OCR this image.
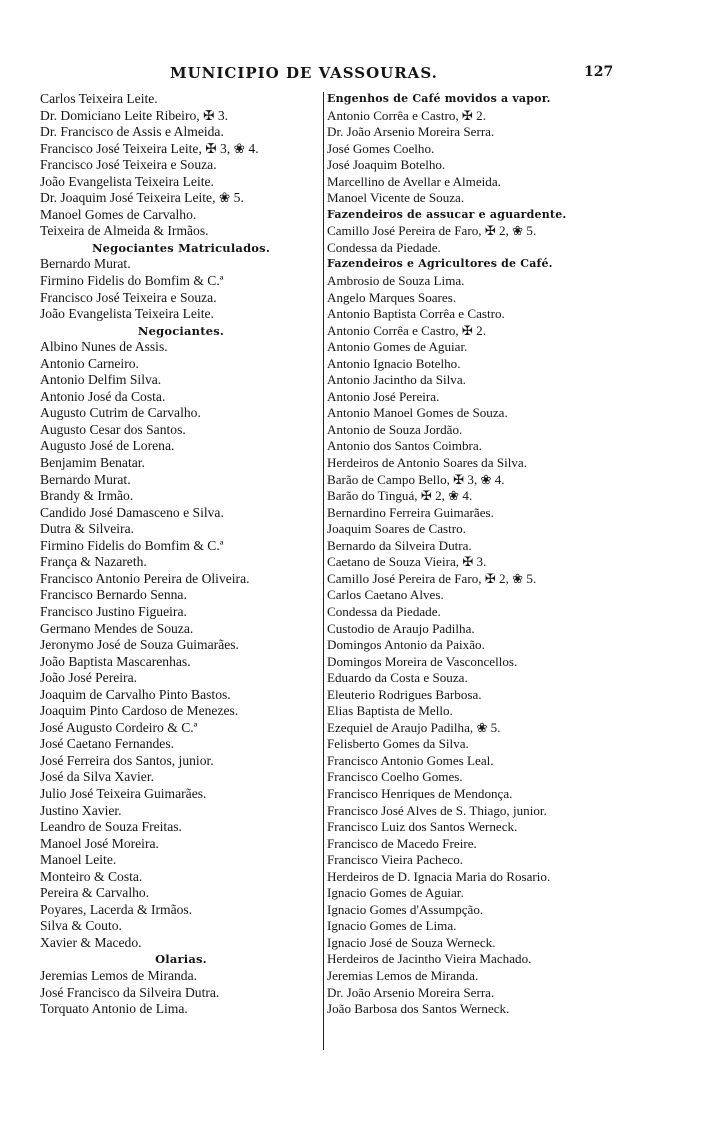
MUNICIPIO DE VASSOURAS.	127
Carlos Teixeira Leite.
Dr. Domiciano Leite Ribeiro, ✠ 3.
Dr. Francisco de Assis e Almeida.
Francisco José Teixeira Leite, ✠ 3, ❀ 4.
Francisco José Teixeira e Souza.
João Evangelista Teixeira Leite.
Dr. Joaquim José Teixeira Leite, ❀ 5.
Manoel Gomes de Carvalho.
Teixeira de Almeida & Irmãos.
Negociantes Matriculados.
Bernardo Murat.
Firmino Fidelis do Bomfim & C.ª
Francisco José Teixeira e Souza.
João Evangelista Teixeira Leite.
Negociantes.
Albino Nunes de Assis.
Antonio Carneiro.
Antonio Delfim Silva.
Antonio José da Costa.
Augusto Cutrim de Carvalho.
Augusto Cesar dos Santos.
Augusto José de Lorena.
Benjamim Benatar.
Bernardo Murat.
Brandy & Irmão.
Candido José Damasceno e Silva.
Dutra & Silveira.
Firmino Fidelis do Bomfim & C.ª
França & Nazareth.
Francisco Antonio Pereira de Oliveira.
Francisco Bernardo Senna.
Francisco Justino Figueira.
Germano Mendes de Souza.
Jeronymo José de Souza Guimarães.
João Baptista Mascarenhas.
João José Pereira.
Joaquim de Carvalho Pinto Bastos.
Joaquim Pinto Cardoso de Menezes.
José Augusto Cordeiro & C.ª
José Caetano Fernandes.
José Ferreira dos Santos, junior.
José da Silva Xavier.
Julio José Teixeira Guimarães.
Justino Xavier.
Leandro de Souza Freitas.
Manoel José Moreira.
Manoel Leite.
Monteiro & Costa.
Pereira & Carvalho.
Poyares, Lacerda & Irmãos.
Silva & Couto.
Xavier & Macedo.
Olarias.
Jeremias Lemos de Miranda.
José Francisco da Silveira Dutra.
Torquato Antonio de Lima.
Engenhos de Café movidos a vapor.
Antonio Corrêa e Castro, ✠ 2.
Dr. João Arsenio Moreira Serra.
José Gomes Coelho.
José Joaquim Botelho.
Marcellino de Avellar e Almeida.
Manoel Vicente de Souza.
Fazendeiros de assucar e aguardente.
Camillo José Pereira de Faro, ✠ 2, ❀ 5.
Condessa da Piedade.
Fazendeiros e Agricultores de Café.
Ambrosio de Souza Lima.
Angelo Marques Soares.
Antonio Baptista Corrêa e Castro.
Antonio Corrêa e Castro, ✠ 2.
Antonio Gomes de Aguiar.
Antonio Ignacio Botelho.
Antonio Jacintho da Silva.
Antonio José Pereira.
Antonio Manoel Gomes de Souza.
Antonio de Souza Jordão.
Antonio dos Santos Coimbra.
Herdeiros de Antonio Soares da Silva.
Barão de Campo Bello, ✠ 3, ❀ 4.
Barão do Tinguá, ✠ 2, ❀ 4.
Bernardino Ferreira Guimarães.
Joaquim Soares de Castro.
Bernardo da Silveira Dutra.
Caetano de Souza Vieira, ✠ 3.
Camillo José Pereira de Faro, ✠ 2, ❀ 5.
Carlos Caetano Alves.
Condessa da Piedade.
Custodio de Araujo Padilha.
Domingos Antonio da Paixão.
Domingos Moreira de Vasconcellos.
Eduardo da Costa e Souza.
Eleuterio Rodrigues Barbosa.
Elias Baptista de Mello.
Ezequiel de Araujo Padilha, ❀ 5.
Felisberto Gomes da Silva.
Francisco Antonio Gomes Leal.
Francisco Coelho Gomes.
Francisco Henriques de Mendonça.
Francisco José Alves de S. Thiago, junior.
Francisco Luiz dos Santos Werneck.
Francisco de Macedo Freire.
Francisco Vieira Pacheco.
Herdeiros de D. Ignacia Maria do Rosario.
Ignacio Gomes de Aguiar.
Ignacio Gomes d'Assumpção.
Ignacio Gomes de Lima.
Ignacio José de Souza Werneck.
Herdeiros de Jacintho Vieira Machado.
Jeremias Lemos de Miranda.
Dr. João Arsenio Moreira Serra.
João Barbosa dos Santos Werneck.
